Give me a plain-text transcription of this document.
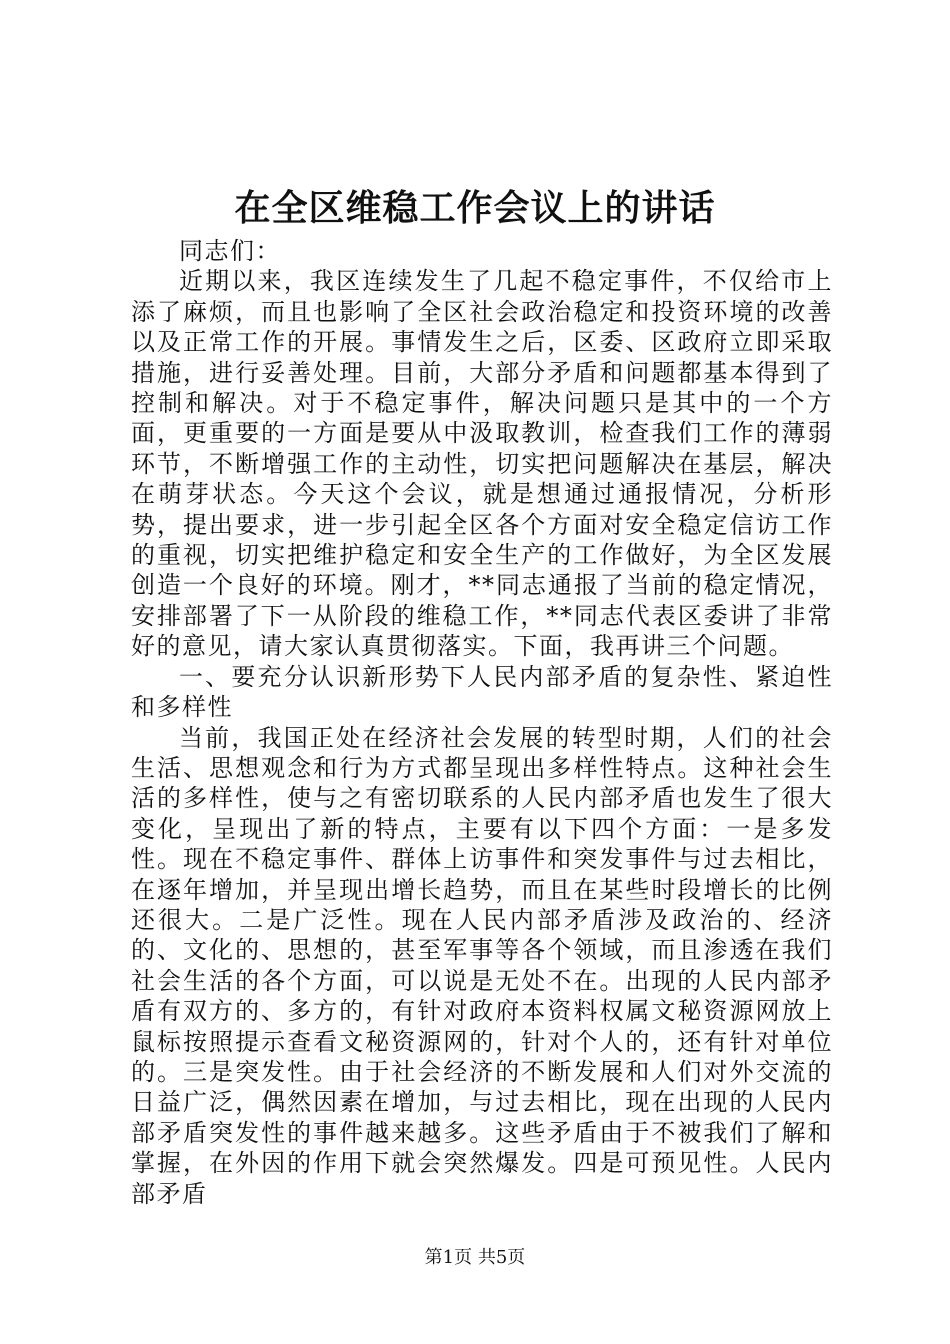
在全区维稳工作会议上的讲话

同志们：

近期以来，我区连续发生了几起不稳定事件，不仅给市上添了麻烦，而且也影响了全区社会政治稳定和投资环境的改善以及正常工作的开展。事情发生之后，区委、区政府立即采取措施，进行妥善处理。目前，大部分矛盾和问题都基本得到了控制和解决。对于不稳定事件，解决问题只是其中的一个方面，更重要的一方面是要从中汲取教训，检查我们工作的薄弱环节，不断增强工作的主动性，切实把问题解决在基层，解决在萌芽状态。今天这个会议，就是想通过通报情况，分析形势，提出要求，进一步引起全区各个方面对安全稳定信访工作的重视，切实把维护稳定和安全生产的工作做好，为全区发展创造一个良好的环境。刚才，**同志通报了当前的稳定情况，安排部署了下一从阶段的维稳工作，**同志代表区委讲了非常好的意见，请大家认真贯彻落实。下面，我再讲三个问题。

一、要充分认识新形势下人民内部矛盾的复杂性、紧迫性和多样性

当前，我国正处在经济社会发展的转型时期，人们的社会生活、思想观念和行为方式都呈现出多样性特点。这种社会生活的多样性，使与之有密切联系的人民内部矛盾也发生了很大变化，呈现出了新的特点，主要有以下四个方面：一是多发性。现在不稳定事件、群体上访事件和突发事件与过去相比，在逐年增加，并呈现出增长趋势，而且在某些时段增长的比例还很大。二是广泛性。现在人民内部矛盾涉及政治的、经济的、文化的、思想的，甚至军事等各个领域，而且渗透在我们社会生活的各个方面，可以说是无处不在。出现的人民内部矛盾有双方的、多方的，有针对政府本资料权属文秘资源网放上鼠标按照提示查看文秘资源网的，针对个人的，还有针对单位的。三是突发性。由于社会经济的不断发展和人们对外交流的日益广泛，偶然因素在增加，与过去相比，现在出现的人民内部矛盾突发性的事件越来越多。这些矛盾由于不被我们了解和掌握，在外因的作用下就会突然爆发。四是可预见性。人民内部矛盾

第1页 共5页
